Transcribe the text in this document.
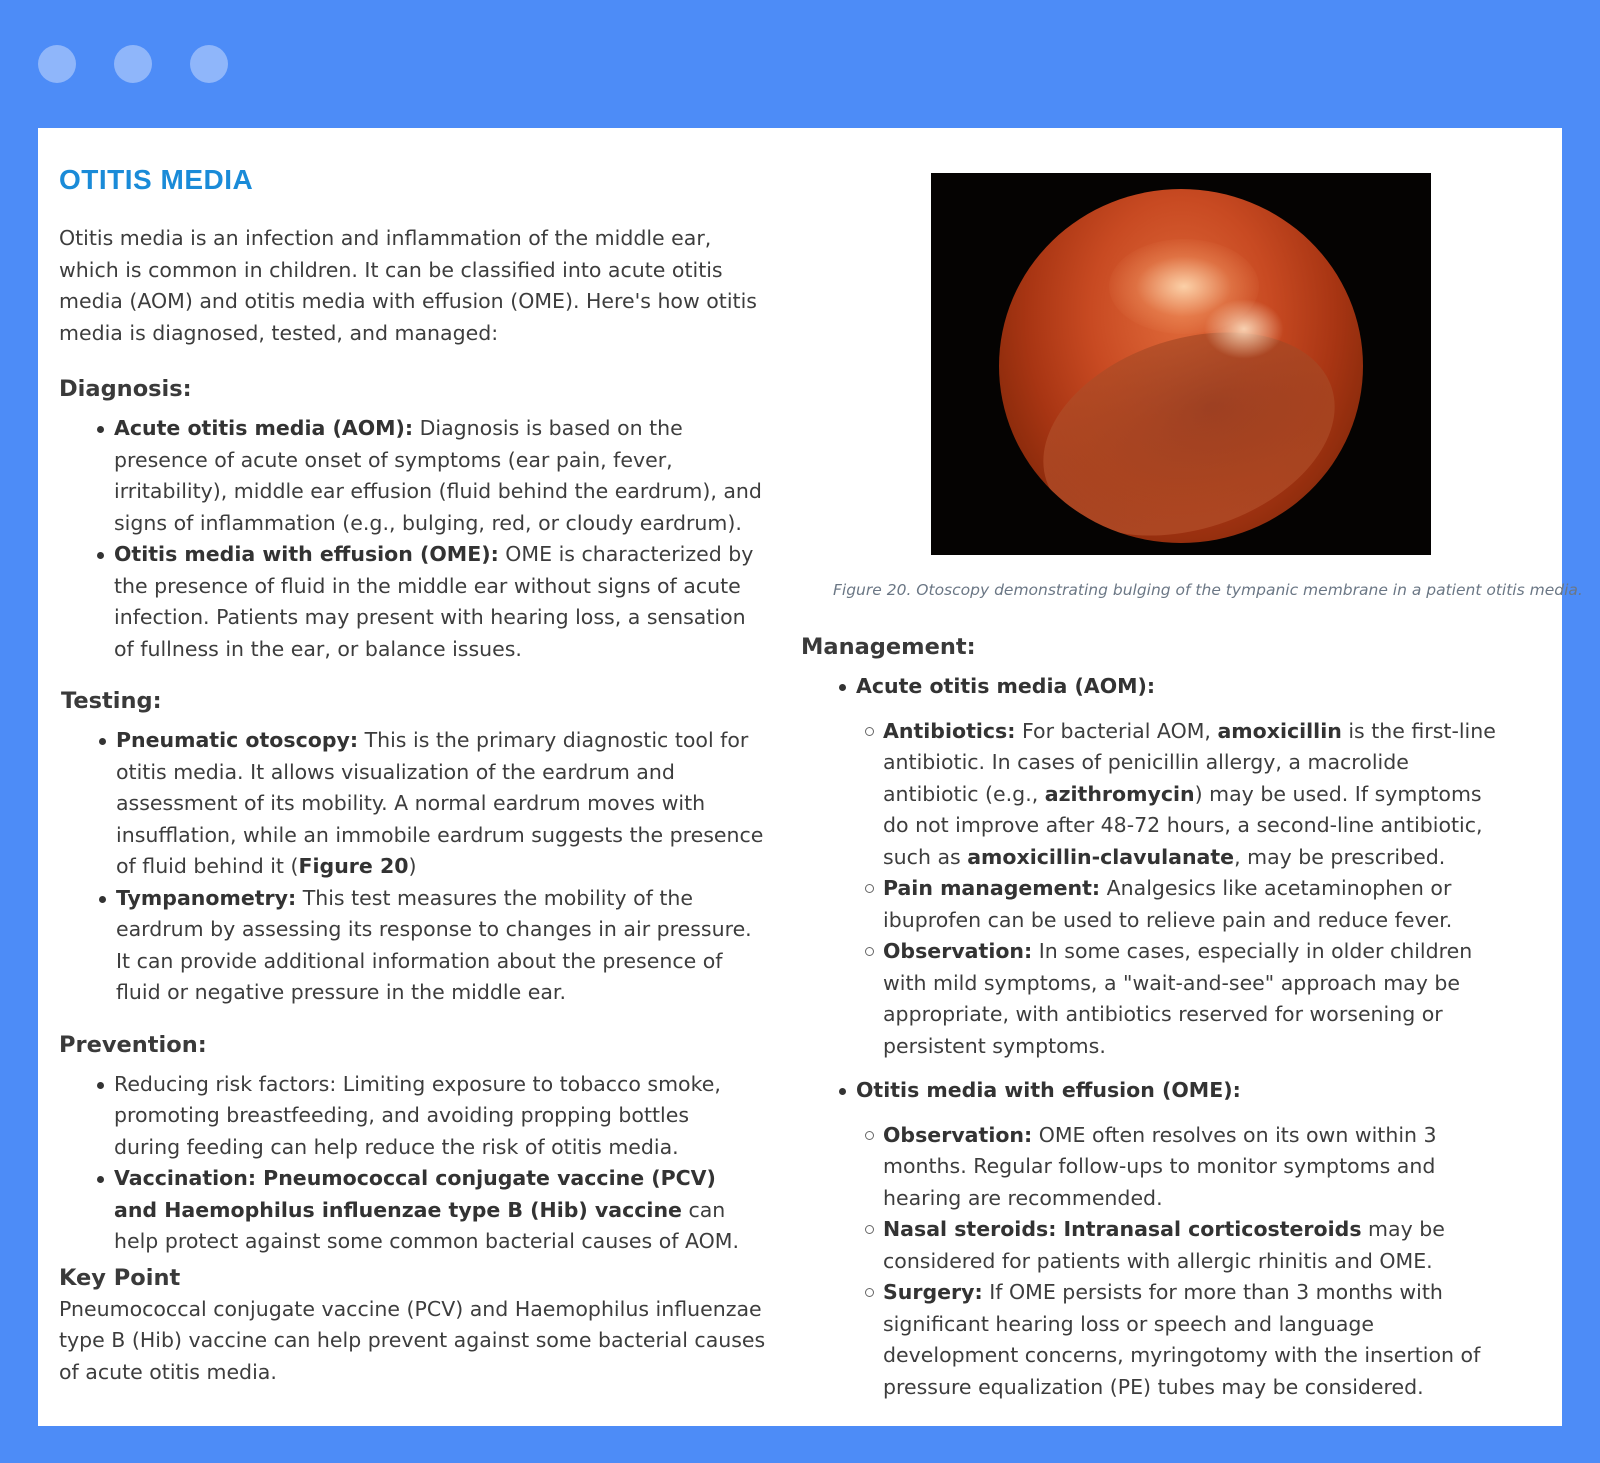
OTITIS MEDIA

Otitis media is an infection and inflammation of the middle ear, which is common in children. It can be classified into acute otitis media (AOM) and otitis media with effusion (OME). Here's how otitis media is diagnosed, tested, and managed:

Diagnosis:
Acute otitis media (AOM): Diagnosis is based on the presence of acute onset of symptoms (ear pain, fever, irritability), middle ear effusion (fluid behind the eardrum), and signs of inflammation (e.g., bulging, red, or cloudy eardrum).
Otitis media with effusion (OME): OME is characterized by the presence of fluid in the middle ear without signs of acute infection. Patients may present with hearing loss, a sensation of fullness in the ear, or balance issues.
Testing:
Pneumatic otoscopy: This is the primary diagnostic tool for otitis media. It allows visualization of the eardrum and assessment of its mobility. A normal eardrum moves with insufflation, while an immobile eardrum suggests the presence of fluid behind it (Figure 20)
Tympanometry: This test measures the mobility of the eardrum by assessing its response to changes in air pressure. It can provide additional information about the presence of fluid or negative pressure in the middle ear.
Prevention:
Reducing risk factors: Limiting exposure to tobacco smoke, promoting breastfeeding, and avoiding propping bottles during feeding can help reduce the risk of otitis media.
Vaccination: Pneumococcal conjugate vaccine (PCV) and Haemophilus influenzae type B (Hib) vaccine can help protect against some common bacterial causes of AOM.
Key Point

Pneumococcal conjugate vaccine (PCV) and Haemophilus influenzae type B (Hib) vaccine can help prevent against some bacterial causes of acute otitis media.

Figure 20. Otoscopy demonstrating bulging of the tympanic membrane in a patient otitis media.

Management:
Acute otitis media (AOM):
Antibiotics: For bacterial AOM, amoxicillin is the first-line antibiotic. In cases of penicillin allergy, a macrolide antibiotic (e.g., azithromycin) may be used. If symptoms do not improve after 48-72 hours, a second-line antibiotic, such as amoxicillin-clavulanate, may be prescribed.
Pain management: Analgesics like acetaminophen or ibuprofen can be used to relieve pain and reduce fever.
Observation: In some cases, especially in older children with mild symptoms, a "wait-and-see" approach may be appropriate, with antibiotics reserved for worsening or persistent symptoms.
Otitis media with effusion (OME):
Observation: OME often resolves on its own within 3 months. Regular follow-ups to monitor symptoms and hearing are recommended.
Nasal steroids: Intranasal corticosteroids may be considered for patients with allergic rhinitis and OME.
Surgery: If OME persists for more than 3 months with significant hearing loss or speech and language development concerns, myringotomy with the insertion of pressure equalization (PE) tubes may be considered.
